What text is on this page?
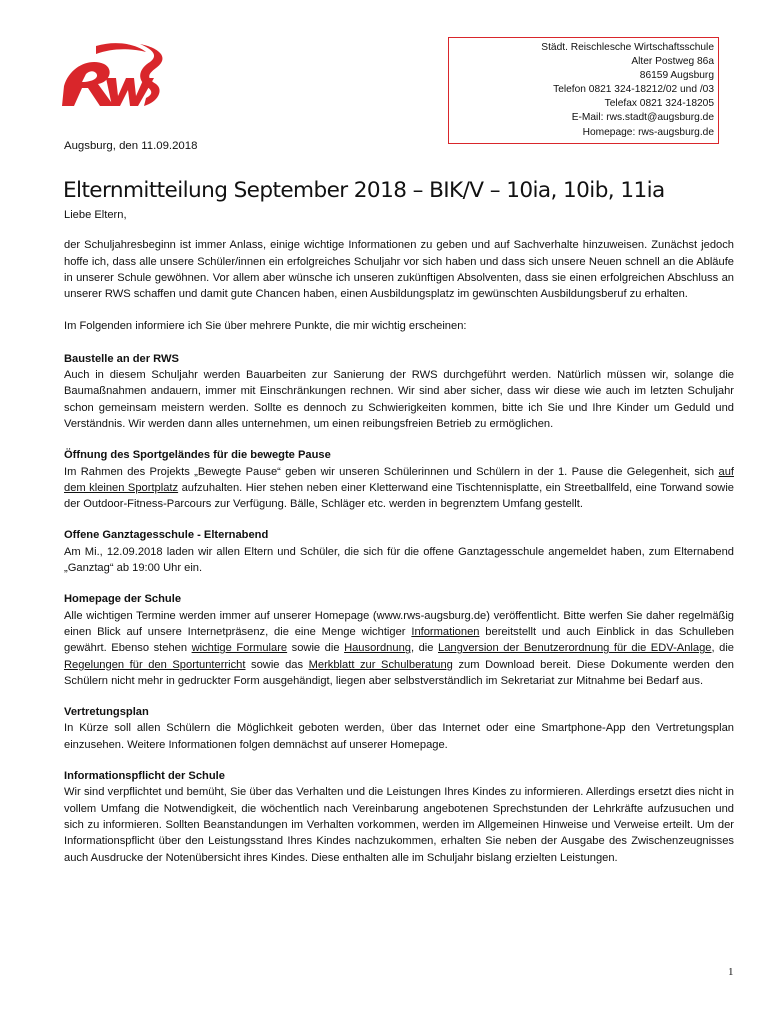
Städt. Reischlesche Wirtschaftsschule
Alter Postweg 86a
86159 Augsburg
Telefon 0821 324-18212/02 und /03
Telefax 0821 324-18205
E-Mail: rws.stadt@augsburg.de
Homepage: rws-augsburg.de
Augsburg, den 11.09.2018
Elternmitteilung September 2018 – BIK/V – 10ia, 10ib, 11ia

Liebe Eltern,

der Schuljahresbeginn ist immer Anlass, einige wichtige Informationen zu geben und auf Sachverhalte hinzuweisen. Zunächst jedoch hoffe ich, dass alle unsere Schüler/innen ein erfolgreiches Schuljahr vor sich haben und dass sich unsere Neuen schnell an die Abläufe in unserer Schule gewöhnen. Vor allem aber wünsche ich unseren zukünftigen Absolventen, dass sie einen erfolgreichen Abschluss an unserer RWS schaffen und damit gute Chancen haben, einen Ausbildungsplatz im gewünschten Ausbildungsberuf zu erhalten.

Im Folgenden informiere ich Sie über mehrere Punkte, die mir wichtig erscheinen:

Baustelle an der RWS

Auch in diesem Schuljahr werden Bauarbeiten zur Sanierung der RWS durchgeführt werden. Natürlich müssen wir, solange die Baumaßnahmen andauern, immer mit Einschränkungen rechnen. Wir sind aber sicher, dass wir diese wie auch im letzten Schuljahr schon gemeinsam meistern werden. Sollte es dennoch zu Schwierigkeiten kommen, bitte ich Sie und Ihre Kinder um Geduld und Verständnis. Wir werden dann alles unternehmen, um einen reibungsfreien Betrieb zu ermöglichen.

Öffnung des Sportgeländes für die bewegte Pause

Im Rahmen des Projekts „Bewegte Pause“ geben wir unseren Schülerinnen und Schülern in der 1. Pause die Gelegenheit, sich auf dem kleinen Sportplatz aufzuhalten. Hier stehen neben einer Kletterwand eine Tischtennisplatte, ein Streetballfeld, eine Torwand sowie der Outdoor-Fitness-Parcours zur Verfügung. Bälle, Schläger etc. werden in begrenztem Umfang gestellt.

Offene Ganztagesschule - Elternabend

Am Mi., 12.09.2018 laden wir allen Eltern und Schüler, die sich für die offene Ganztagesschule angemeldet haben, zum Elternabend „Ganztag“ ab 19:00 Uhr ein.

Homepage der Schule

Alle wichtigen Termine werden immer auf unserer Homepage (www.rws-augsburg.de) veröffentlicht. Bitte werfen Sie daher regelmäßig einen Blick auf unsere Internetpräsenz, die eine Menge wichtiger Informationen bereitstellt und auch Einblick in das Schulleben gewährt. Ebenso stehen wichtige Formulare sowie die Hausordnung, die Langversion der Benutzerordnung für die EDV-Anlage, die Regelungen für den Sportunterricht sowie das Merkblatt zur Schulberatung zum Download bereit. Diese Dokumente werden den Schülern nicht mehr in gedruckter Form ausgehändigt, liegen aber selbstverständlich im Sekretariat zur Mitnahme bei Bedarf aus.

Vertretungsplan

In Kürze soll allen Schülern die Möglichkeit geboten werden, über das Internet oder eine Smartphone-App den Vertretungsplan einzusehen. Weitere Informationen folgen demnächst auf unserer Homepage.

Informationspflicht der Schule

Wir sind verpflichtet und bemüht, Sie über das Verhalten und die Leistungen Ihres Kindes zu informieren. Allerdings ersetzt dies nicht in vollem Umfang die Notwendigkeit, die wöchentlich nach Vereinbarung angebotenen Sprechstunden der Lehrkräfte aufzusuchen und sich zu informieren. Sollten Beanstandungen im Verhalten vorkommen, werden im Allgemeinen Hinweise und Verweise erteilt. Um der Informationspflicht über den Leistungsstand Ihres Kindes nachzukommen, erhalten Sie neben der Ausgabe des Zwischenzeugnisses auch Ausdrucke der Notenübersicht ihres Kindes. Diese enthalten alle im Schuljahr bislang erzielten Leistungen.

1
